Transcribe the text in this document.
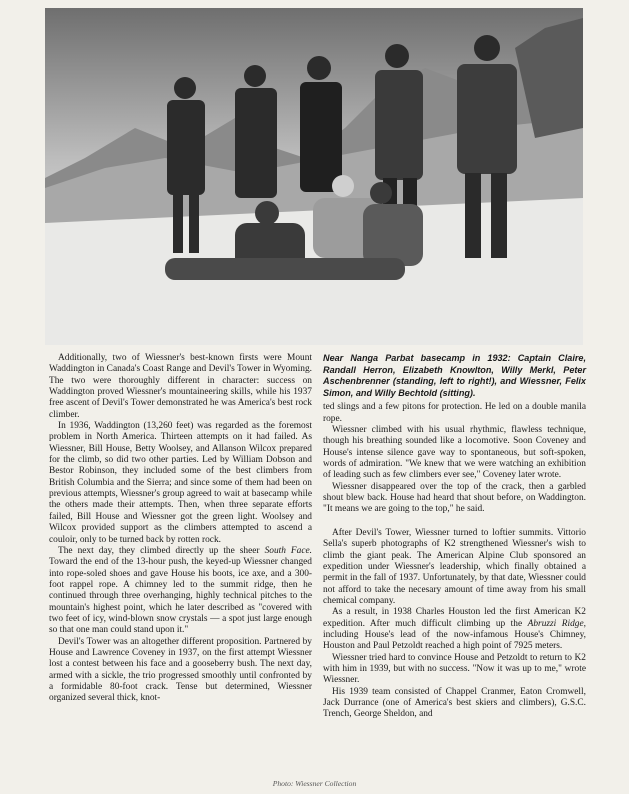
Additionally, two of Wiessner's best-known firsts were Mount Waddington in Canada's Coast Range and Devil's Tower in Wyoming. The two were thoroughly different in character: success on Waddington proved Wiessner's mountaineering skills, while his 1937 free ascent of Devil's Tower demonstrated he was America's best rock climber.

In 1936, Waddington (13,260 feet) was regarded as the foremost problem in North America. Thirteen attempts on it had failed. As Wiessner, Bill House, Betty Woolsey, and Allanson Wilcox prepared for the climb, so did two other parties. Led by William Dobson and Bestor Robinson, they included some of the best climbers from British Columbia and the Sierra; and since some of them had been on previous attempts, Wiessner's group agreed to wait at basecamp while the others made their attempts. Then, when three separate efforts failed, Bill House and Wiessner got the green light. Woolsey and Wilcox provided support as the climbers attempted to ascend a couloir, only to be turned back by rotten rock.

The next day, they climbed directly up the sheer South Face. Toward the end of the 13-hour push, the keyed-up Wiessner changed into rope-soled shoes and gave House his boots, ice axe, and a 300-foot rappel rope. A chimney led to the summit ridge, then he continued through three overhanging, highly technical pitches to the mountain's highest point, which he later described as "covered with two feet of icy, wind-blown snow crystals — a spot just large enough so that one man could stand upon it."

Devil's Tower was an altogether different proposition. Partnered by House and Lawrence Coveney in 1937, on the first attempt Wiessner lost a contest between his face and a gooseberry bush. The next day, armed with a sickle, the trio progressed smoothly until confronted by a formidable 80-foot crack. Tense but determined, Wiessner organized several thick, knot-

Near Nanga Parbat basecamp in 1932: Captain Claire, Randall Herron, Elizabeth Knowlton, Willy Merkl, Peter Aschenbrenner (standing, left to right!), and Wiessner, Felix Simon, and Willy Bechtold (sitting).

ted slings and a few pitons for protection. He led on a double manila rope.

Wiessner climbed with his usual rhythmic, flawless technique, though his breathing sounded like a locomotive. Soon Coveney and House's intense silence gave way to spontaneous, but soft-spoken, words of admiration. "We knew that we were watching an exhibition of leading such as few climbers ever see," Coveney later wrote.

Wiessner disappeared over the top of the crack, then a garbled shout blew back. House had heard that shout before, on Waddington. "It means we are going to the top," he said.

After Devil's Tower, Wiessner turned to loftier summits. Vittorio Sella's superb photographs of K2 strengthened Wiessner's wish to climb the giant peak. The American Alpine Club sponsored an expedition under Wiessner's leadership, which finally obtained a permit in the fall of 1937. Unfortunately, by that date, Wiessner could not afford to take the necesary amount of time away from his small chemical company.

As a result, in 1938 Charles Houston led the first American K2 expedition. After much difficult climbing up the Abruzzi Ridge, including House's lead of the now-infamous House's Chimney, Houston and Paul Petzoldt reached a high point of 7925 meters.

Wiessner tried hard to convince House and Petzoldt to return to K2 with him in 1939, but with no success. "Now it was up to me," wrote Wiessner.

His 1939 team consisted of Chappel Cranmer, Eaton Cromwell, Jack Durrance (one of America's best skiers and climbers), G.S.C. Trench, George Sheldon, and

Photo: Wiessner Collection
